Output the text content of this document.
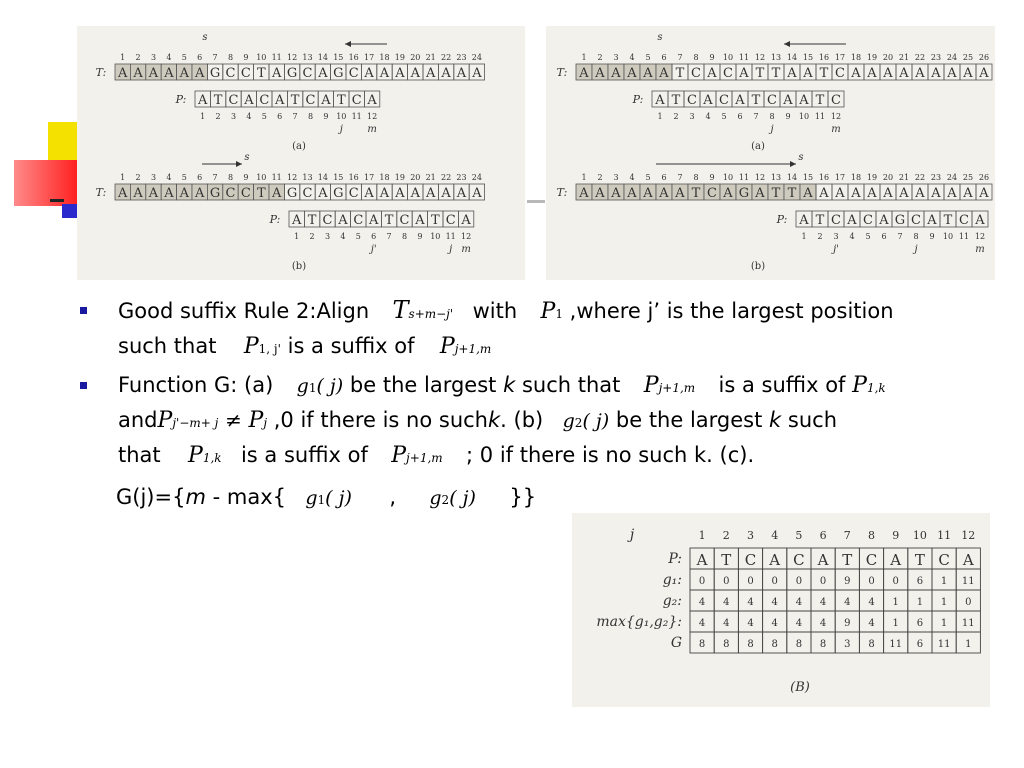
s
1 2 3 4 5 6 7 8 9 10 11 12 13 14 15 16 17 18 19 20 21 22 23 24
T: A A A A A A G C C T A G C A G C A A A A A A A A
P: A T C A C A T C A T C A
1 2 3 4 5 6 7 8 9 10 11 12
j m
(a)
s
1 2 3 4 5 6 7 8 9 10 11 12 13 14 15 16 17 18 19 20 21 22 23 24
T: A A A A A A G C C T A G C A G C A A A A A A A A
P: A T C A C A T C A T C A
1 2 3 4 5 6 7 8 9 10 11 12
j'	j m
(b)
s
1 2 3 4 5 6 7 8 9 10 11 12 13 14 15 16 17 18 19 20 21 22 23 24 25 26
T: A A A A A A T C A C A T T A A T C A A A A A A A A A
P: A T C A C A T C A A T C
1 2 3 4 5 6 7 8 9 10 11 12
j	m
(a)
s
1 2 3 4 5 6 7 8 9 10 11 12 13 14 15 16 17 18 19 20 21 22 23 24 25 26
T: A A A A A A A T C A G A T T A A A A A A A A A A A A
P: A T C A C A G C A T C A
1 2 3 4 5 6 7 8 9 10 11 12
j'	j	m
(b)
1 2 3 4 5 6 7 8 9 10 11 12
j
P: A T C A C A T C A T C A
g₁: 0 0 0 0 0 0 9 0 0 6 1 11
g₂: 4 4 4 4 4 4 4 4 1 1 1 0
max{g₁,g₂}: 4 4 4 4 4 4 9 4 1 6 1 11
G 8 8 8 8 8 8 3 8 11 6 11 1
(B)
Good suffix Rule 2:Align Ts+m−j' with P1 ,where j’ is the largest position
such that P1, j' is a suffix of Pj+1,m
Function G: (a) g1( j) be the largest k such that Pj+1,m is a suffix of P1,k
andPj'−m+ j ≠ Pj ,0 if there is no suchk. (b) g2( j) be the largest k such
that P1,k is a suffix of Pj+1,m ; 0 if there is no such k. (c).
G(j)={m - max{ g1( j) , g2( j) }}
